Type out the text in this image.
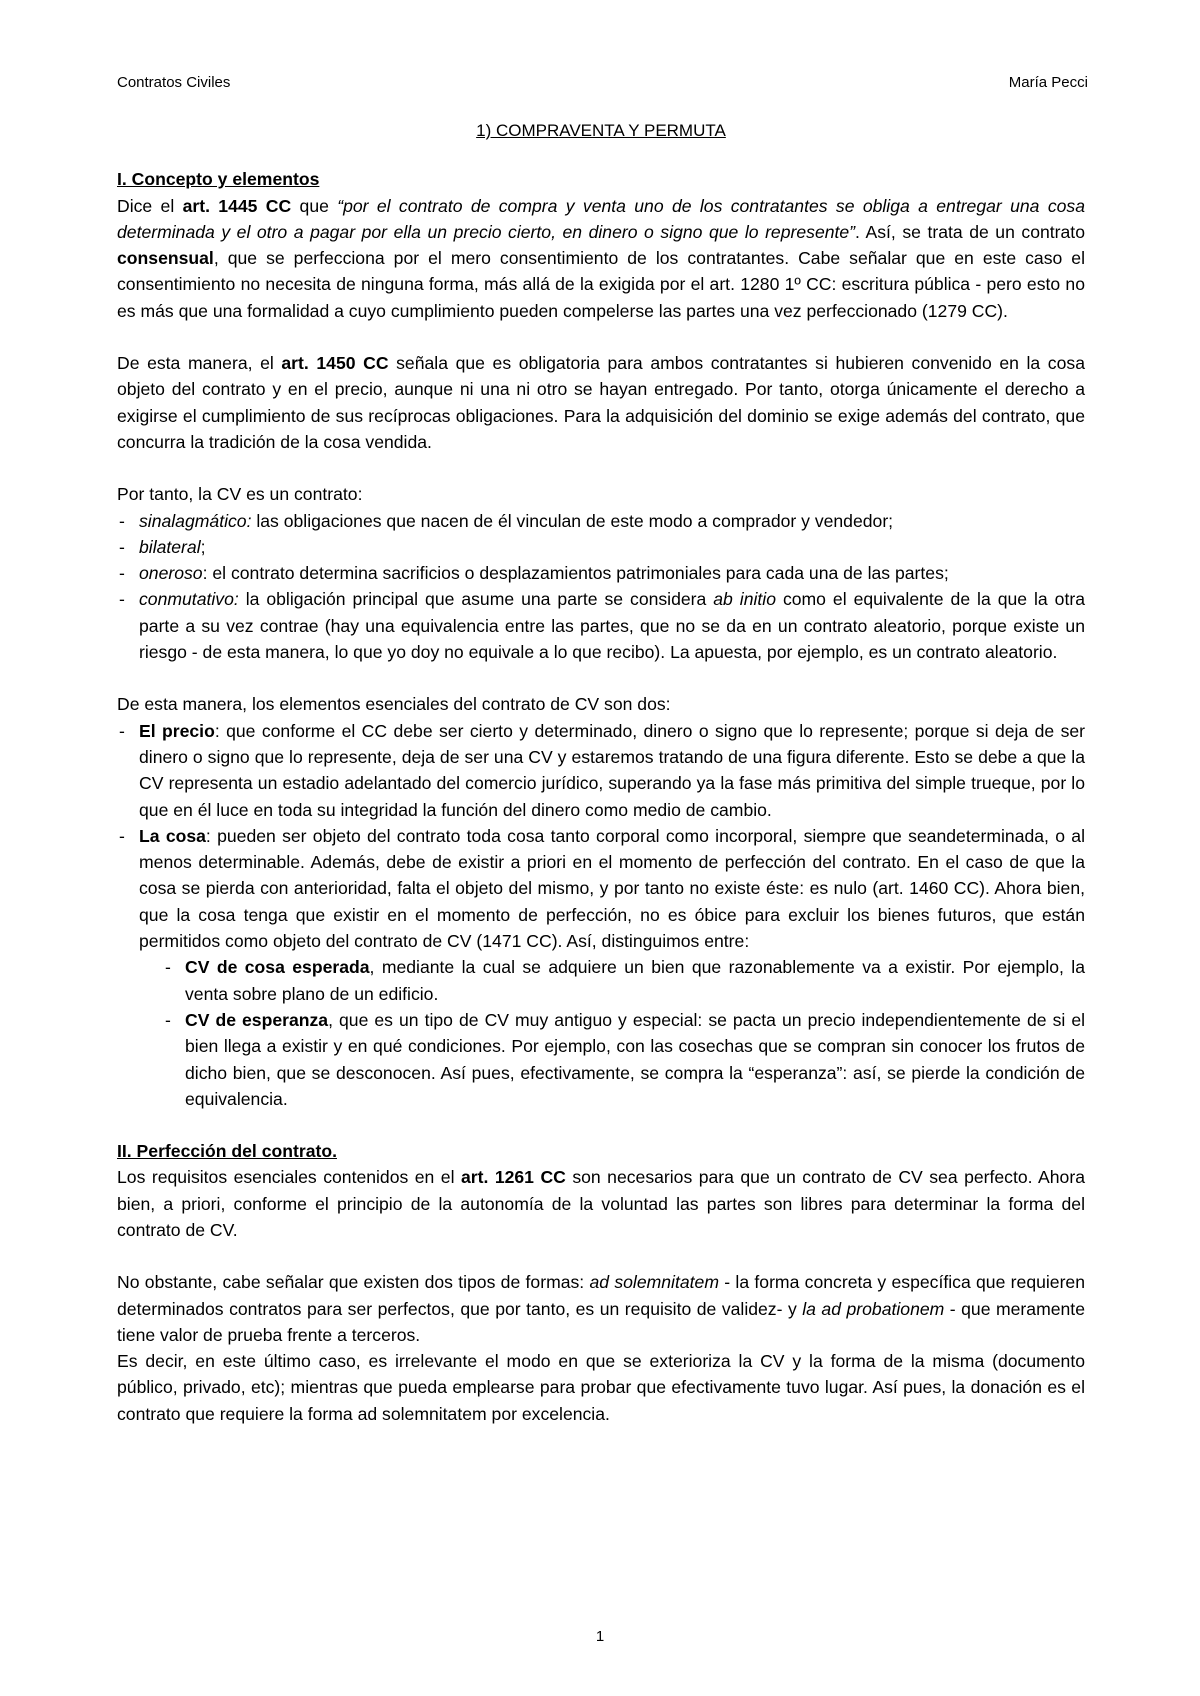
Contratos Civiles	María Pecci
1) COMPRAVENTA Y PERMUTA
I. Concepto y elementos

Dice el art. 1445 CC que “por el contrato de compra y venta uno de los contratantes se obliga a entregar una cosa determinada y el otro a pagar por ella un precio cierto, en dinero o signo que lo represente”. Así, se trata de un contrato consensual, que se perfecciona por el mero consentimiento de los contratantes. Cabe señalar que en este caso el consentimiento no necesita de ninguna forma, más allá de la exigida por el art. 1280 1º CC: escritura pública - pero esto no es más que una formalidad a cuyo cumplimiento pueden compelerse las partes una vez perfeccionado (1279 CC).

De esta manera, el art. 1450 CC señala que es obligatoria para ambos contratantes si hubieren convenido en la cosa objeto del contrato y en el precio, aunque ni una ni otro se hayan entregado. Por tanto, otorga únicamente el derecho a exigirse el cumplimiento de sus recíprocas obligaciones. Para la adquisición del dominio se exige además del contrato, que concurra la tradición de la cosa vendida.

Por tanto, la CV es un contrato:

- sinalagmático: las obligaciones que nacen de él vinculan de este modo a comprador y vendedor;
- bilateral;
- oneroso: el contrato determina sacrificios o desplazamientos patrimoniales para cada una de las partes;
- conmutativo: la obligación principal que asume una parte se considera ab initio como el equivalente de la que la otra parte a su vez contrae (hay una equivalencia entre las partes, que no se da en un contrato aleatorio, porque existe un riesgo - de esta manera, lo que yo doy no equivale a lo que recibo). La apuesta, por ejemplo, es un contrato aleatorio.

De esta manera, los elementos esenciales del contrato de CV son dos:

- El precio: que conforme el CC debe ser cierto y determinado, dinero o signo que lo represente; porque si deja de ser dinero o signo que lo represente, deja de ser una CV y estaremos tratando de una figura diferente. Esto se debe a que la CV representa un estadio adelantado del comercio jurídico, superando ya la fase más primitiva del simple trueque, por lo que en él luce en toda su integridad la función del dinero como medio de cambio.
- La cosa: pueden ser objeto del contrato toda cosa tanto corporal como incorporal, siempre que seandeterminada, o al menos determinable. Además, debe de existir a priori en el momento de perfección del contrato. En el caso de que la cosa se pierda con anterioridad, falta el objeto del mismo, y por tanto no existe éste: es nulo (art. 1460 CC). Ahora bien, que la cosa tenga que existir en el momento de perfección, no es óbice para excluir los bienes futuros, que están permitidos como objeto del contrato de CV (1471 CC). Así, distinguimos entre:
- CV de cosa esperada, mediante la cual se adquiere un bien que razonablemente va a existir. Por ejemplo, la venta sobre plano de un edificio.
- CV de esperanza, que es un tipo de CV muy antiguo y especial: se pacta un precio independientemente de si el bien llega a existir y en qué condiciones. Por ejemplo, con las cosechas que se compran sin conocer los frutos de dicho bien, que se desconocen. Así pues, efectivamente, se compra la “esperanza”: así, se pierde la condición de equivalencia.
II. Perfección del contrato.

Los requisitos esenciales contenidos en el art. 1261 CC son necesarios para que un contrato de CV sea perfecto. Ahora bien, a priori, conforme el principio de la autonomía de la voluntad las partes son libres para determinar la forma del contrato de CV.

No obstante, cabe señalar que existen dos tipos de formas: ad solemnitatem - la forma concreta y específica que requieren determinados contratos para ser perfectos, que por tanto, es un requisito de validez- y la ad probationem - que meramente tiene valor de prueba frente a terceros.

Es decir, en este último caso, es irrelevante el modo en que se exterioriza la CV y la forma de la misma (documento público, privado, etc); mientras que pueda emplearse para probar que efectivamente tuvo lugar. Así pues, la donación es el contrato que requiere la forma ad solemnitatem por excelencia.

1
